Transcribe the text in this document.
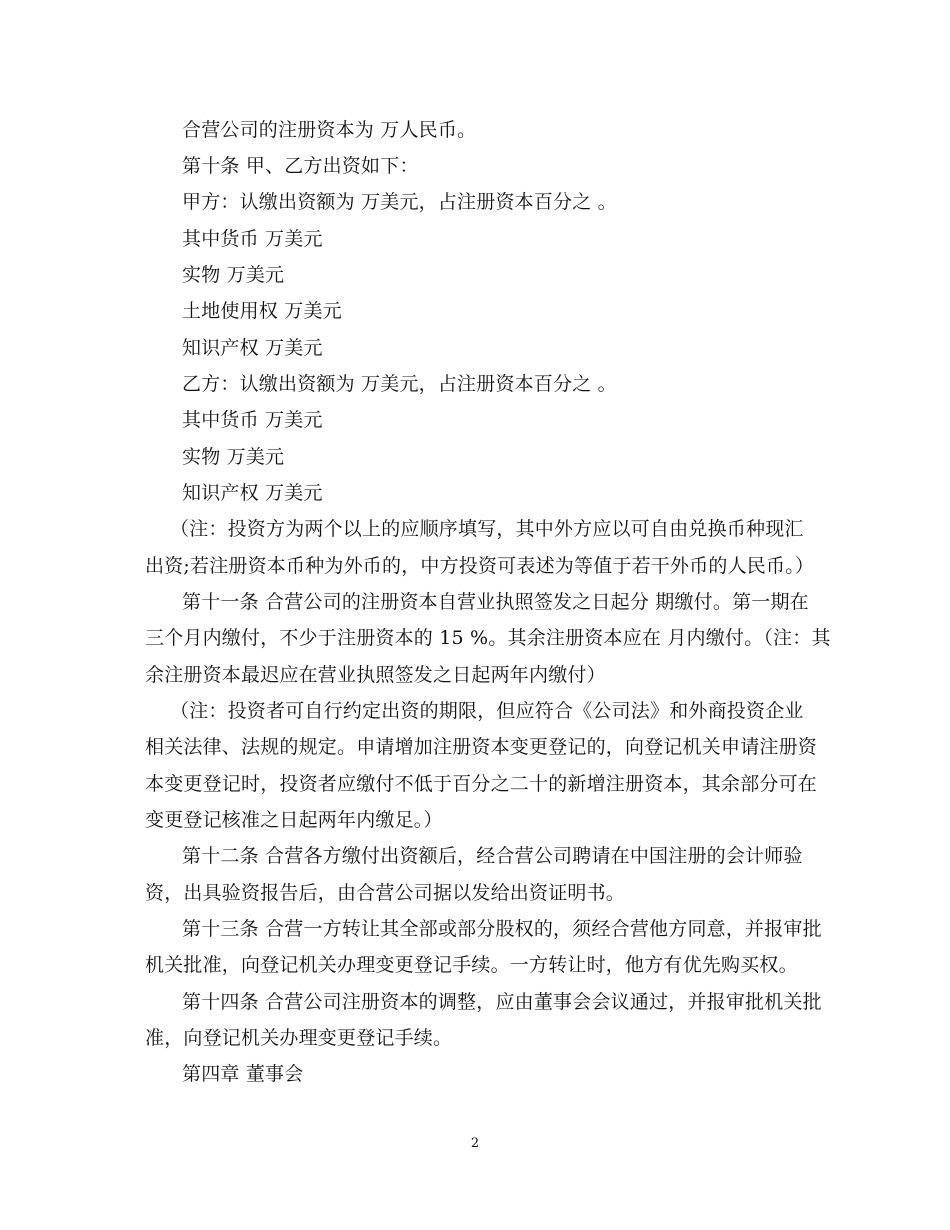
合营公司的注册资本为 万人民币。
第十条 甲、乙方出资如下：
甲方：认缴出资额为 万美元，占注册资本百分之 。
其中货币 万美元
实物 万美元
土地使用权 万美元
知识产权 万美元
乙方：认缴出资额为 万美元，占注册资本百分之 。
其中货币 万美元
实物 万美元
知识产权 万美元
（注：投资方为两个以上的应顺序填写，其中外方应以可自由兑换币种现汇
出资;若注册资本币种为外币的，中方投资可表述为等值于若干外币的人民币。）
第十一条 合营公司的注册资本自营业执照签发之日起分 期缴付。第一期在
三个月内缴付，不少于注册资本的 15 %。其余注册资本应在 月内缴付。（注：其
余注册资本最迟应在营业执照签发之日起两年内缴付）
（注：投资者可自行约定出资的期限，但应符合《公司法》和外商投资企业
相关法律、法规的规定。申请增加注册资本变更登记的，向登记机关申请注册资
本变更登记时，投资者应缴付不低于百分之二十的新增注册资本，其余部分可在
变更登记核准之日起两年内缴足。）
第十二条 合营各方缴付出资额后，经合营公司聘请在中国注册的会计师验
资，出具验资报告后，由合营公司据以发给出资证明书。
第十三条 合营一方转让其全部或部分股权的，须经合营他方同意，并报审批
机关批准，向登记机关办理变更登记手续。一方转让时，他方有优先购买权。
第十四条 合营公司注册资本的调整，应由董事会会议通过，并报审批机关批
准，向登记机关办理变更登记手续。
第四章 董事会
2
